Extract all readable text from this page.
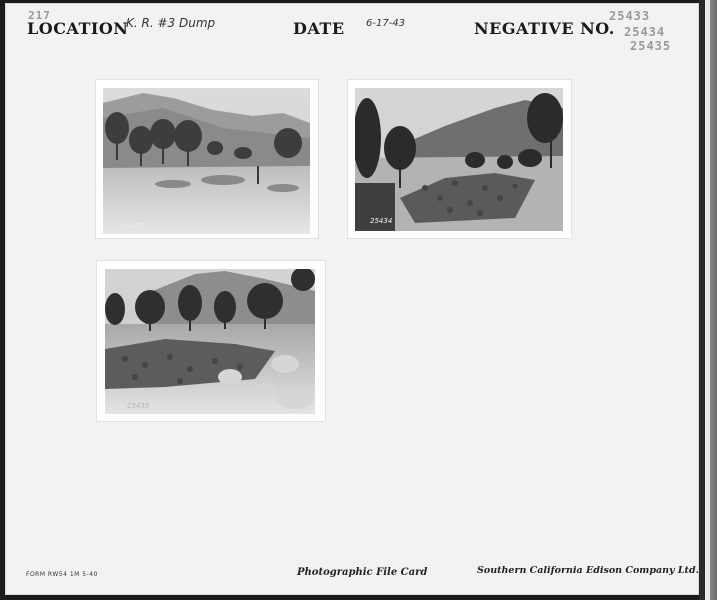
217
LOCATION
K. R. #3 Dump	DATE 6-17-43	NEGATIVE NO.
25433
25434
25435
25433
25434
25435
FORM RW54 1M 5-40	Photographic File Card	Southern California Edison Company Ltd.
